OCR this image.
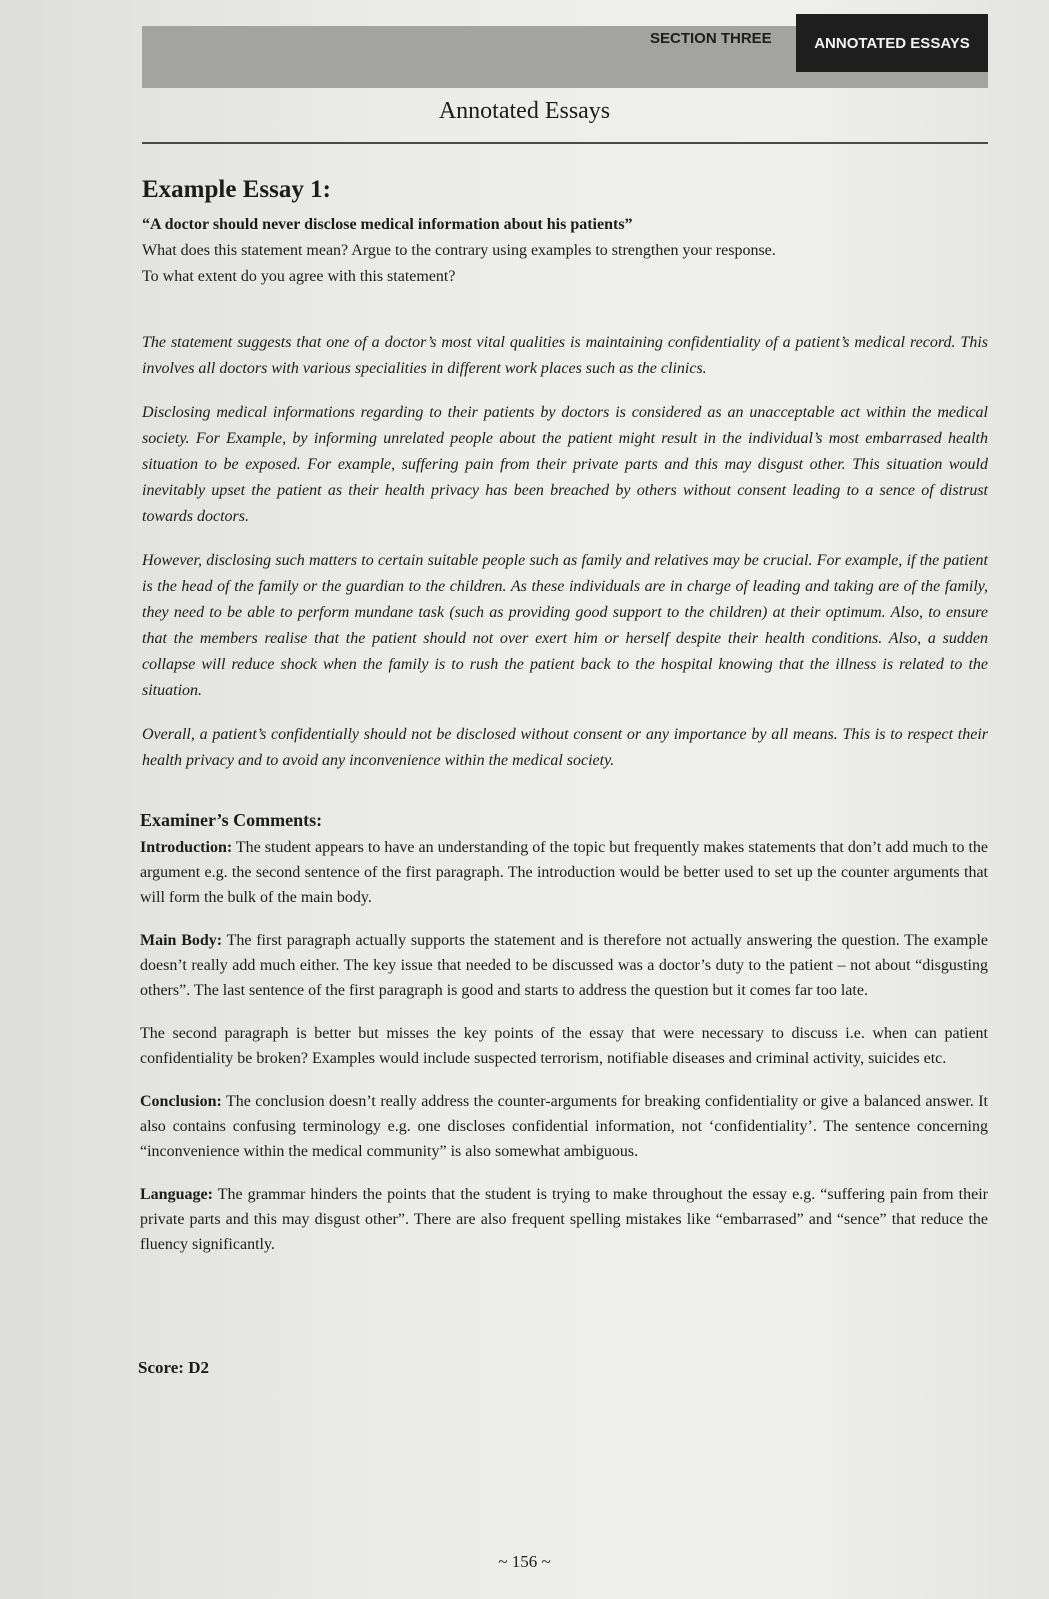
SECTION THREE	ANNOTATED ESSAYS
Annotated Essays
Example Essay 1:
“A doctor should never disclose medical information about his patients”
What does this statement mean? Argue to the contrary using examples to strengthen your response.
To what extent do you agree with this statement?

The statement suggests that one of a doctor’s most vital qualities is maintaining confidentiality of a patient’s medical record. This involves all doctors with various specialities in different work places such as the clinics.

Disclosing medical informations regarding to their patients by doctors is considered as an unacceptable act within the medical society. For Example, by informing unrelated people about the patient might result in the individual’s most embarrased health situation to be exposed. For example, suffering pain from their private parts and this may disgust other. This situation would inevitably upset the patient as their health privacy has been breached by others without consent leading to a sence of distrust towards doctors.

However, disclosing such matters to certain suitable people such as family and relatives may be crucial. For example, if the patient is the head of the family or the guardian to the children. As these individuals are in charge of leading and taking are of the family, they need to be able to perform mundane task (such as providing good support to the children) at their optimum. Also, to ensure that the members realise that the patient should not over exert him or herself despite their health conditions. Also, a sudden collapse will reduce shock when the family is to rush the patient back to the hospital knowing that the illness is related to the situation.

Overall, a patient’s confidentially should not be disclosed without consent or any importance by all means. This is to respect their health privacy and to avoid any inconvenience within the medical society.

Examiner’s Comments:

Introduction: The student appears to have an understanding of the topic but frequently makes statements that don’t add much to the argument e.g. the second sentence of the first paragraph. The introduction would be better used to set up the counter arguments that will form the bulk of the main body.

Main Body: The first paragraph actually supports the statement and is therefore not actually answering the question. The example doesn’t really add much either. The key issue that needed to be discussed was a doctor’s duty to the patient – not about “disgusting others”. The last sentence of the first paragraph is good and starts to address the question but it comes far too late.

The second paragraph is better but misses the key points of the essay that were necessary to discuss i.e. when can patient confidentiality be broken? Examples would include suspected terrorism, notifiable diseases and criminal activity, suicides etc.

Conclusion: The conclusion doesn’t really address the counter-arguments for breaking confidentiality or give a balanced answer. It also contains confusing terminology e.g. one discloses confidential information, not ‘confidentiality’. The sentence concerning “inconvenience within the medical community” is also somewhat ambiguous.

Language: The grammar hinders the points that the student is trying to make throughout the essay e.g. “suffering pain from their private parts and this may disgust other”. There are also frequent spelling mistakes like “embarrased” and “sence” that reduce the fluency significantly.

Score: D2
~ 156 ~
